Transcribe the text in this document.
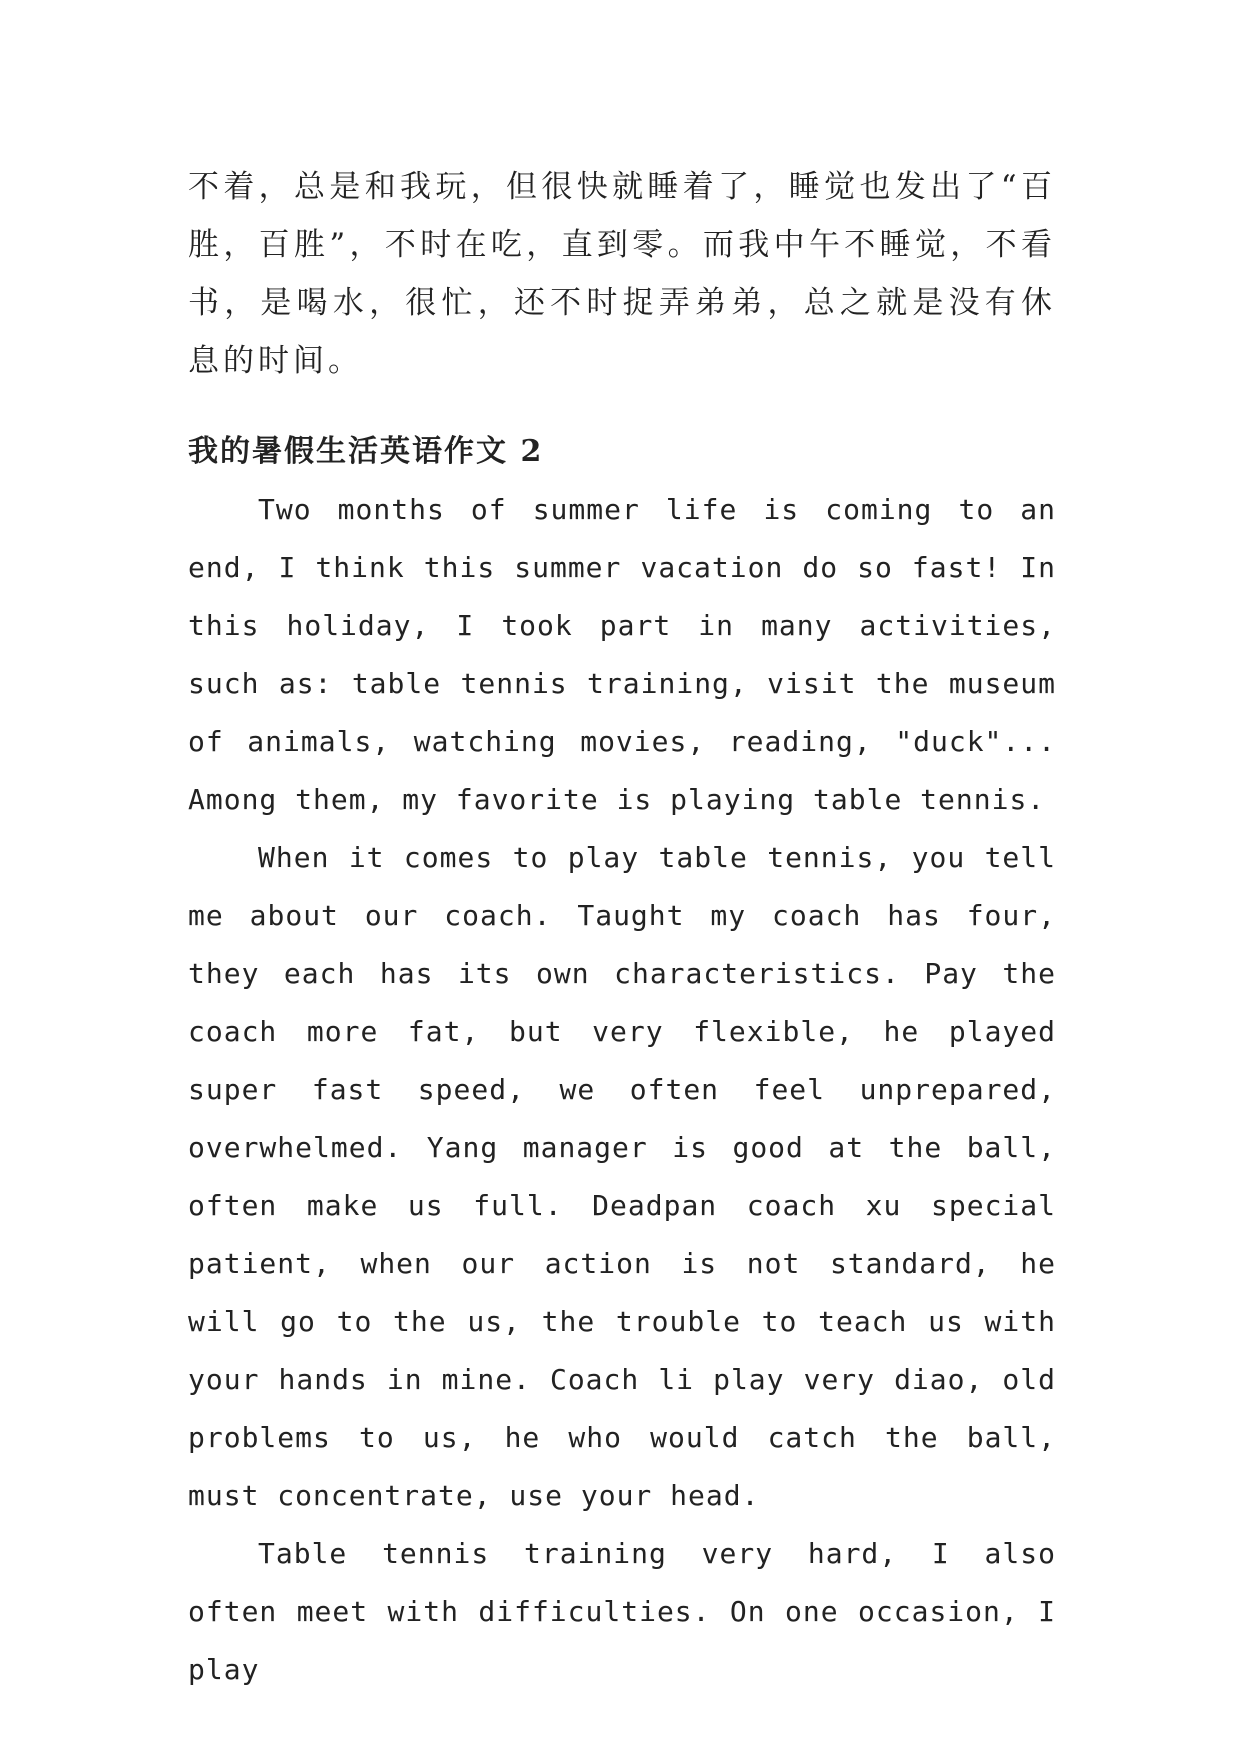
不着，总是和我玩，但很快就睡着了，睡觉也发出了“百胜，百胜”，不时在吃，直到零。而我中午不睡觉，不看书，是喝水，很忙，还不时捉弄弟弟，总之就是没有休息的时间。

我的暑假生活英语作文 2

Two months of summer life is coming to an end, I think this summer vacation do so fast! In this holiday, I took part in many activities, such as: table tennis training, visit the museum of animals, watching movies, reading, "duck"... Among them, my favorite is playing table tennis.

When it comes to play table tennis, you tell me about our coach. Taught my coach has four, they each has its own characteristics. Pay the coach more fat, but very flexible, he played super fast speed, we often feel unprepared, overwhelmed. Yang manager is good at the ball, often make us full. Deadpan coach xu special patient, when our action is not standard, he will go to the us, the trouble to teach us with your hands in mine. Coach li play very diao, old problems to us, he who would catch the ball, must concentrate, use your head.

Table tennis training very hard, I also often meet with difficulties. On one occasion, I play
